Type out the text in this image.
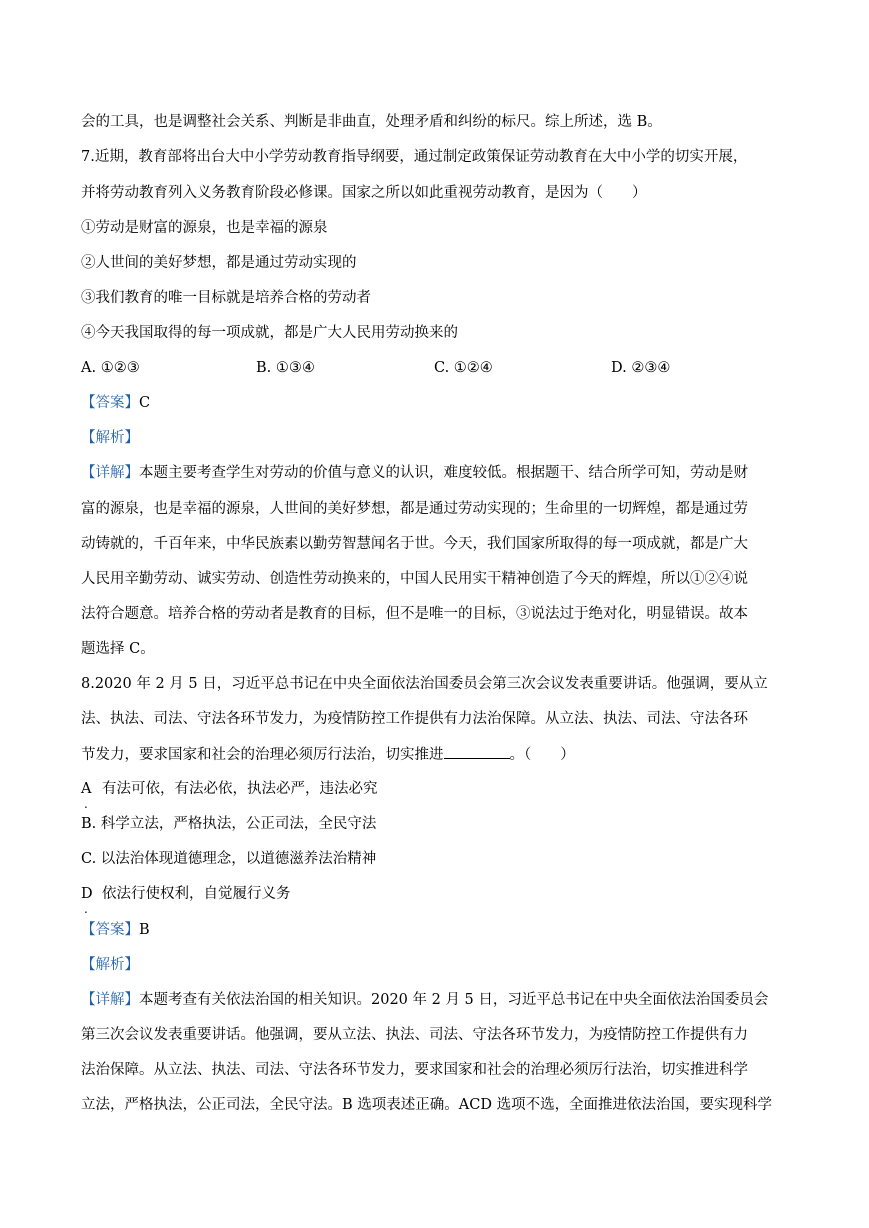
会的工具，也是调整社会关系、判断是非曲直，处理矛盾和纠纷的标尺。综上所述，选 B。
7.近期，教育部将出台大中小学劳动教育指导纲要，通过制定政策保证劳动教育在大中小学的切实开展，
并将劳动教育列入义务教育阶段必修课。国家之所以如此重视劳动教育，是因为（　　）
①劳动是财富的源泉，也是幸福的源泉
②人世间的美好梦想，都是通过劳动实现的
③我们教育的唯一目标就是培养合格的劳动者
④今天我国取得的每一项成就，都是广大人民用劳动换来的
A. ①②③	B. ①③④	C. ①②④	D. ②③④
【答案】C
【解析】
【详解】本题主要考查学生对劳动的价值与意义的认识，难度较低。根据题干、结合所学可知，劳动是财
富的源泉，也是幸福的源泉，人世间的美好梦想，都是通过劳动实现的；生命里的一切辉煌，都是通过劳
动铸就的，千百年来，中华民族素以勤劳智慧闻名于世。今天，我们国家所取得的每一项成就，都是广大
人民用辛勤劳动、诚实劳动、创造性劳动换来的，中国人民用实干精神创造了今天的辉煌，所以①②④说
法符合题意。培养合格的劳动者是教育的目标，但不是唯一的目标，③说法过于绝对化，明显错误。故本
题选择 C。
8.2020 年 2 月 5 日，习近平总书记在中央全面依法治国委员会第三次会议发表重要讲话。他强调，要从立
法、执法、司法、守法各环节发力，为疫情防控工作提供有力法治保障。从立法、执法、司法、守法各环
节发力，要求国家和社会的治理必须厉行法治，切实推进	。（　　）
A
.
有法可依，有法必依，执法必严，违法必究
B. 科学立法，严格执法，公正司法，全民守法
C. 以法治体现道德理念，以道德滋养法治精神
D
.
依法行使权利，自觉履行义务
【答案】B
【解析】
【详解】本题考查有关依法治国的相关知识。2020 年 2 月 5 日，习近平总书记在中央全面依法治国委员会
第三次会议发表重要讲话。他强调，要从立法、执法、司法、守法各环节发力，为疫情防控工作提供有力
法治保障。从立法、执法、司法、守法各环节发力，要求国家和社会的治理必须厉行法治，切实推进科学
立法，严格执法，公正司法，全民守法。B 选项表述正确。ACD 选项不选，全面推进依法治国，要实现科学
